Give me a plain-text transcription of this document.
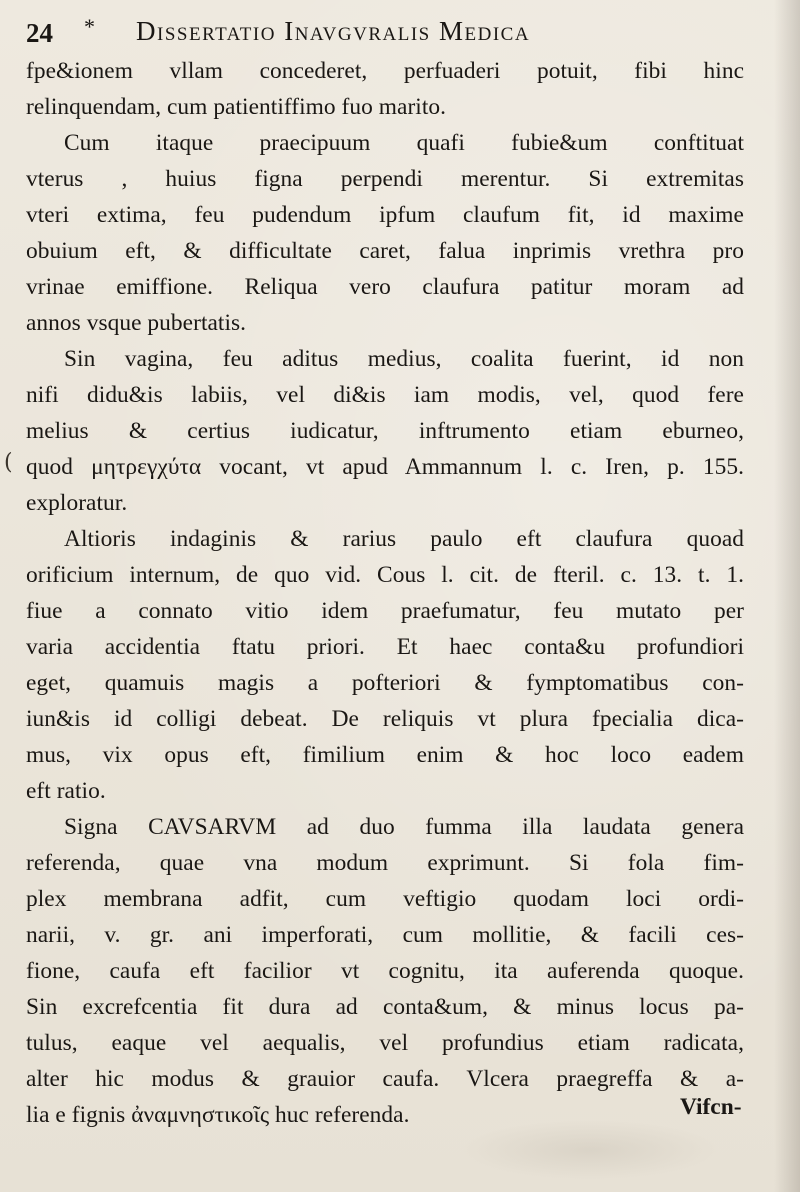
24 * Dissertatio Inavgvralis Medica
(
fpe&ionem vllam concederet, perfuaderi potuit, fibi hinc
relinquendam, cum patientiffimo fuo marito.
Cum itaque praecipuum quafi fubie&um conftituat
vterus , huius figna perpendi merentur. Si extremitas
vteri extima, feu pudendum ipfum claufum fit, id maxime
obuium eft, & difficultate caret, falua inprimis vrethra pro
vrinae emiffione. Reliqua vero claufura patitur moram ad
annos vsque pubertatis.
Sin vagina, feu aditus medius, coalita fuerint, id non
nifi didu&is labiis, vel di&is iam modis, vel, quod fere
melius & certius iudicatur, inftrumento etiam eburneo,
quod μητρεγχύτα vocant, vt apud Ammannum l. c. Iren, p. 155.
exploratur.
Altioris indaginis & rarius paulo eft claufura quoad
orificium internum, de quo vid. Cous l. cit. de fteril. c. 13. t. 1.
fiue a connato vitio idem praefumatur, feu mutato per
varia accidentia ftatu priori. Et haec conta&u profundiori
eget, quamuis magis a pofteriori & fymptomatibus con-
iun&is id colligi debeat. De reliquis vt plura fpecialia dica-
mus, vix opus eft, fimilium enim & hoc loco eadem
eft ratio.
Signa CAVSARVM ad duo fumma illa laudata genera
referenda, quae vna modum exprimunt. Si fola fim-
plex membrana adfit, cum veftigio quodam loci ordi-
narii, v. gr. ani imperforati, cum mollitie, & facili ces-
fione, caufa eft facilior vt cognitu, ita auferenda quoque.
Sin excrefcentia fit dura ad conta&um, & minus locus pa-
tulus, eaque vel aequalis, vel profundius etiam radicata,
alter hic modus & grauior caufa. Vlcera praegreffa & a-
lia e fignis ἀναμνηστικοῖς huc referenda.	Vifcn-
